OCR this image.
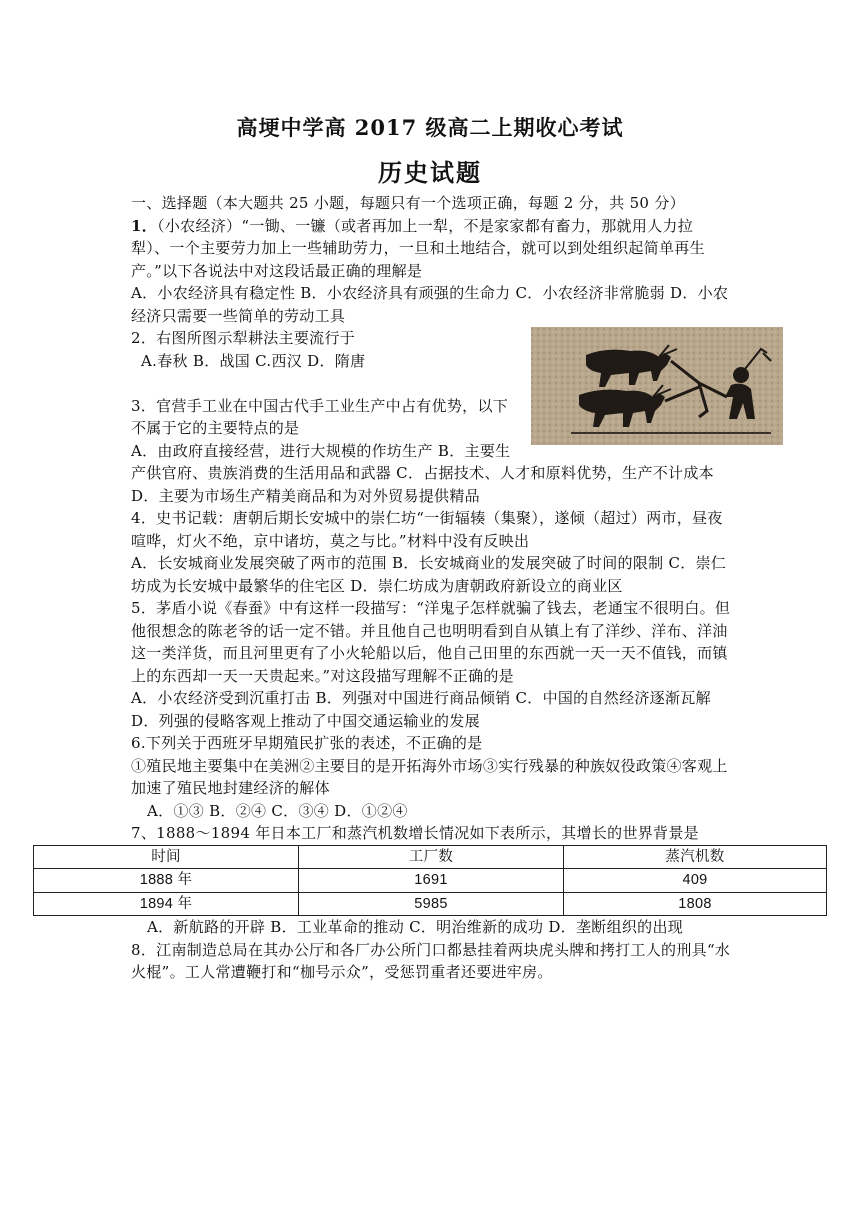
高埂中学高 2017 级高二上期收心考试
历史试题

一、选择题（本大题共 25 小题，每题只有一个选项正确，每题 2 分，共 50 分）

1．（小农经济）“一锄、一镰（或者再加上一犁，不是家家都有畜力，那就用人力拉犁）、一个主要劳力加上一些辅助劳力，一旦和土地结合，就可以到处组织起简单再生产。”以下各说法中对这段话最正确的理解是

A．小农经济具有稳定性 B．小农经济具有顽强的生命力 C．小农经济非常脆弱 D．小农经济只需要一些简单的劳动工具

2．右图所图示犁耕法主要流行于

A.春秋 B．战国 C.西汉 D．隋唐

3．官营手工业在中国古代手工业生产中占有优势，以下不属于它的主要特点的是

A．由政府直接经营，进行大规模的作坊生产 B．主要生产供官府、贵族消费的生活用品和武器 C．占据技术、人才和原料优势，生产不计成本 D．主要为市场生产精美商品和为对外贸易提供精品

4．史书记载：唐朝后期长安城中的崇仁坊“一街辐辏（集聚），遂倾（超过）两市，昼夜喧哗，灯火不绝，京中诸坊，莫之与比。”材料中没有反映出

A．长安城商业发展突破了两市的范围 B．长安城商业的发展突破了时间的限制 C．崇仁坊成为长安城中最繁华的住宅区 D．崇仁坊成为唐朝政府新设立的商业区

5．茅盾小说《春蚕》中有这样一段描写：“洋鬼子怎样就骗了钱去，老通宝不很明白。但他很想念的陈老爷的话一定不错。并且他自己也明明看到自从镇上有了洋纱、洋布、洋油这一类洋货，而且河里更有了小火轮船以后，他自己田里的东西就一天一天不值钱，而镇上的东西却一天一天贵起来。”对这段描写理解不正确的是

A．小农经济受到沉重打击 B．列强对中国进行商品倾销 C．中国的自然经济逐渐瓦解

D．列强的侵略客观上推动了中国交通运输业的发展

6.下列关于西班牙早期殖民扩张的表述，不正确的是

①殖民地主要集中在美洲②主要目的是开拓海外市场③实行残暴的种族奴役政策④客观上加速了殖民地封建经济的解体

A．①③ B．②④ C．③④ D．①②④

7、1888～1894 年日本工厂和蒸汽机数增长情况如下表所示，其增长的世界背景是

时间	工厂数	蒸汽机数
1888 年	1691	409
1894 年	5985	1808

A．新航路的开辟 B．工业革命的推动 C．明治维新的成功 D．垄断组织的出现

8．江南制造总局在其办公厅和各厂办公所门口都悬挂着两块虎头牌和拷打工人的刑具“水火棍”。工人常遭鞭打和“枷号示众”，受惩罚重者还要进牢房。
